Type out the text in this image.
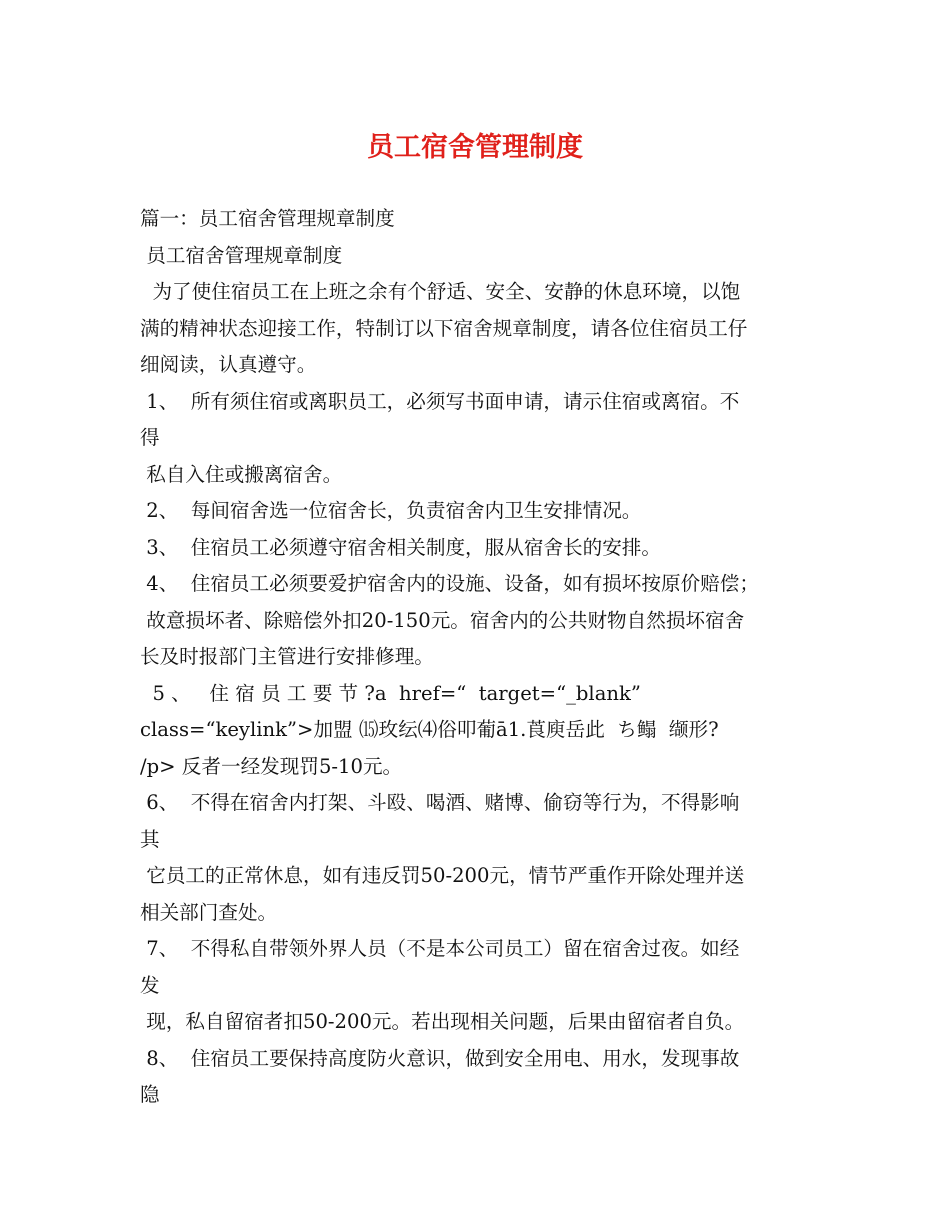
员工宿舍管理制度
篇一：员工宿舍管理规章制度
员工宿舍管理规章制度
为了使住宿员工在上班之余有个舒适、安全、安静的休息环境，以饱
满的精神状态迎接工作，特制订以下宿舍规章制度，请各位住宿员工仔
细阅读，认真遵守。
1、  所有须住宿或离职员工，必须写书面申请，请示住宿或离宿。不
得
私自入住或搬离宿舍。
2、  每间宿舍选一位宿舍长，负责宿舍内卫生安排情况。
3、  住宿员工必须遵守宿舍相关制度，服从宿舍长的安排。
4、  住宿员工必须要爱护宿舍内的设施、设备，如有损坏按原价赔偿；
故意损坏者、除赔偿外扣20-150元。宿舍内的公共财物自然损坏宿舍
长及时报部门主管进行安排修理。
5 、   住 宿 员 工 要 节 ?a  href=“  target=“_blank”
class=“keylink”>加盟 ⒂玫纭⑷俗叩葡ā1.莨庾岳此  ち鳎  缬形?
/p> 反者一经发现罚5-10元。
6、  不得在宿舍内打架、斗殴、喝酒、赌博、偷窃等行为，不得影响
其
它员工的正常休息，如有违反罚50-200元，情节严重作开除处理并送
相关部门查处。
7、  不得私自带领外界人员（不是本公司员工）留在宿舍过夜。如经
发
现，私自留宿者扣50-200元。若出现相关问题，后果由留宿者自负。
8、  住宿员工要保持高度防火意识，做到安全用电、用水，发现事故
隐
